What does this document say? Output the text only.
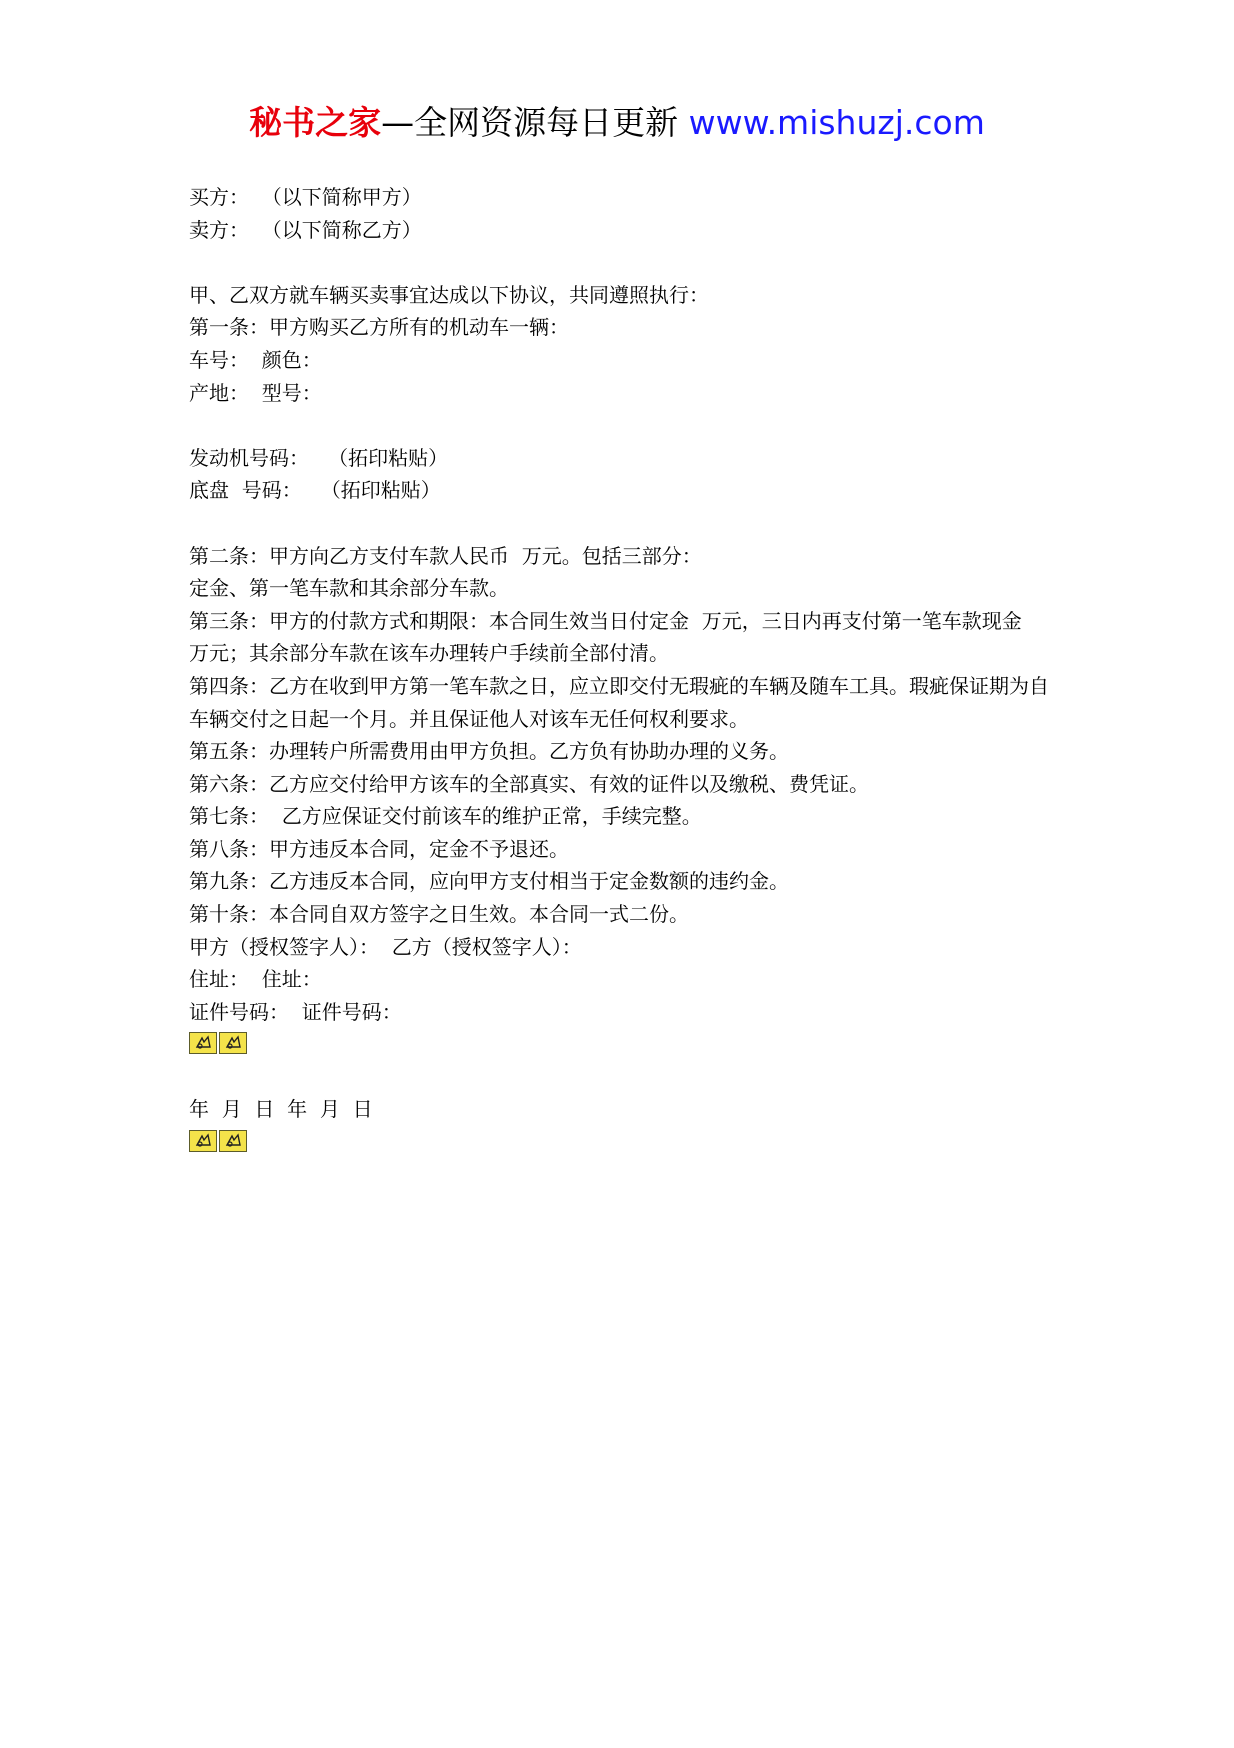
秘书之家—全网资源每日更新 www.mishuzj.com
买方：  （以下简称甲方）
卖方：  （以下简称乙方）
甲、乙双方就车辆买卖事宜达成以下协议，共同遵照执行：
第一条：甲方购买乙方所有的机动车一辆：
车号：  颜色：
产地：  型号：
发动机号码：   （拓印粘贴）
底盘  号码：   （拓印粘贴）
第二条：甲方向乙方支付车款人民币  万元。包括三部分：
定金、第一笔车款和其余部分车款。
第三条：甲方的付款方式和期限：本合同生效当日付定金  万元，三日内再支付第一笔车款现金  万元；其余部分车款在该车办理转户手续前全部付清。
第四条：乙方在收到甲方第一笔车款之日，应立即交付无瑕疵的车辆及随车工具。瑕疵保证期为自车辆交付之日起一个月。并且保证他人对该车无任何权利要求。
第五条：办理转户所需费用由甲方负担。乙方负有协助办理的义务。
第六条：乙方应交付给甲方该车的全部真实、有效的证件以及缴税、费凭证。
第七条：  乙方应保证交付前该车的维护正常，手续完整。
第八条：甲方违反本合同，定金不予退还。
第九条：乙方违反本合同，应向甲方支付相当于定金数额的违约金。
第十条：本合同自双方签字之日生效。本合同一式二份。
甲方（授权签字人）：  乙方（授权签字人）：
住址：  住址：
证件号码：  证件号码：
年  月  日  年  月  日
